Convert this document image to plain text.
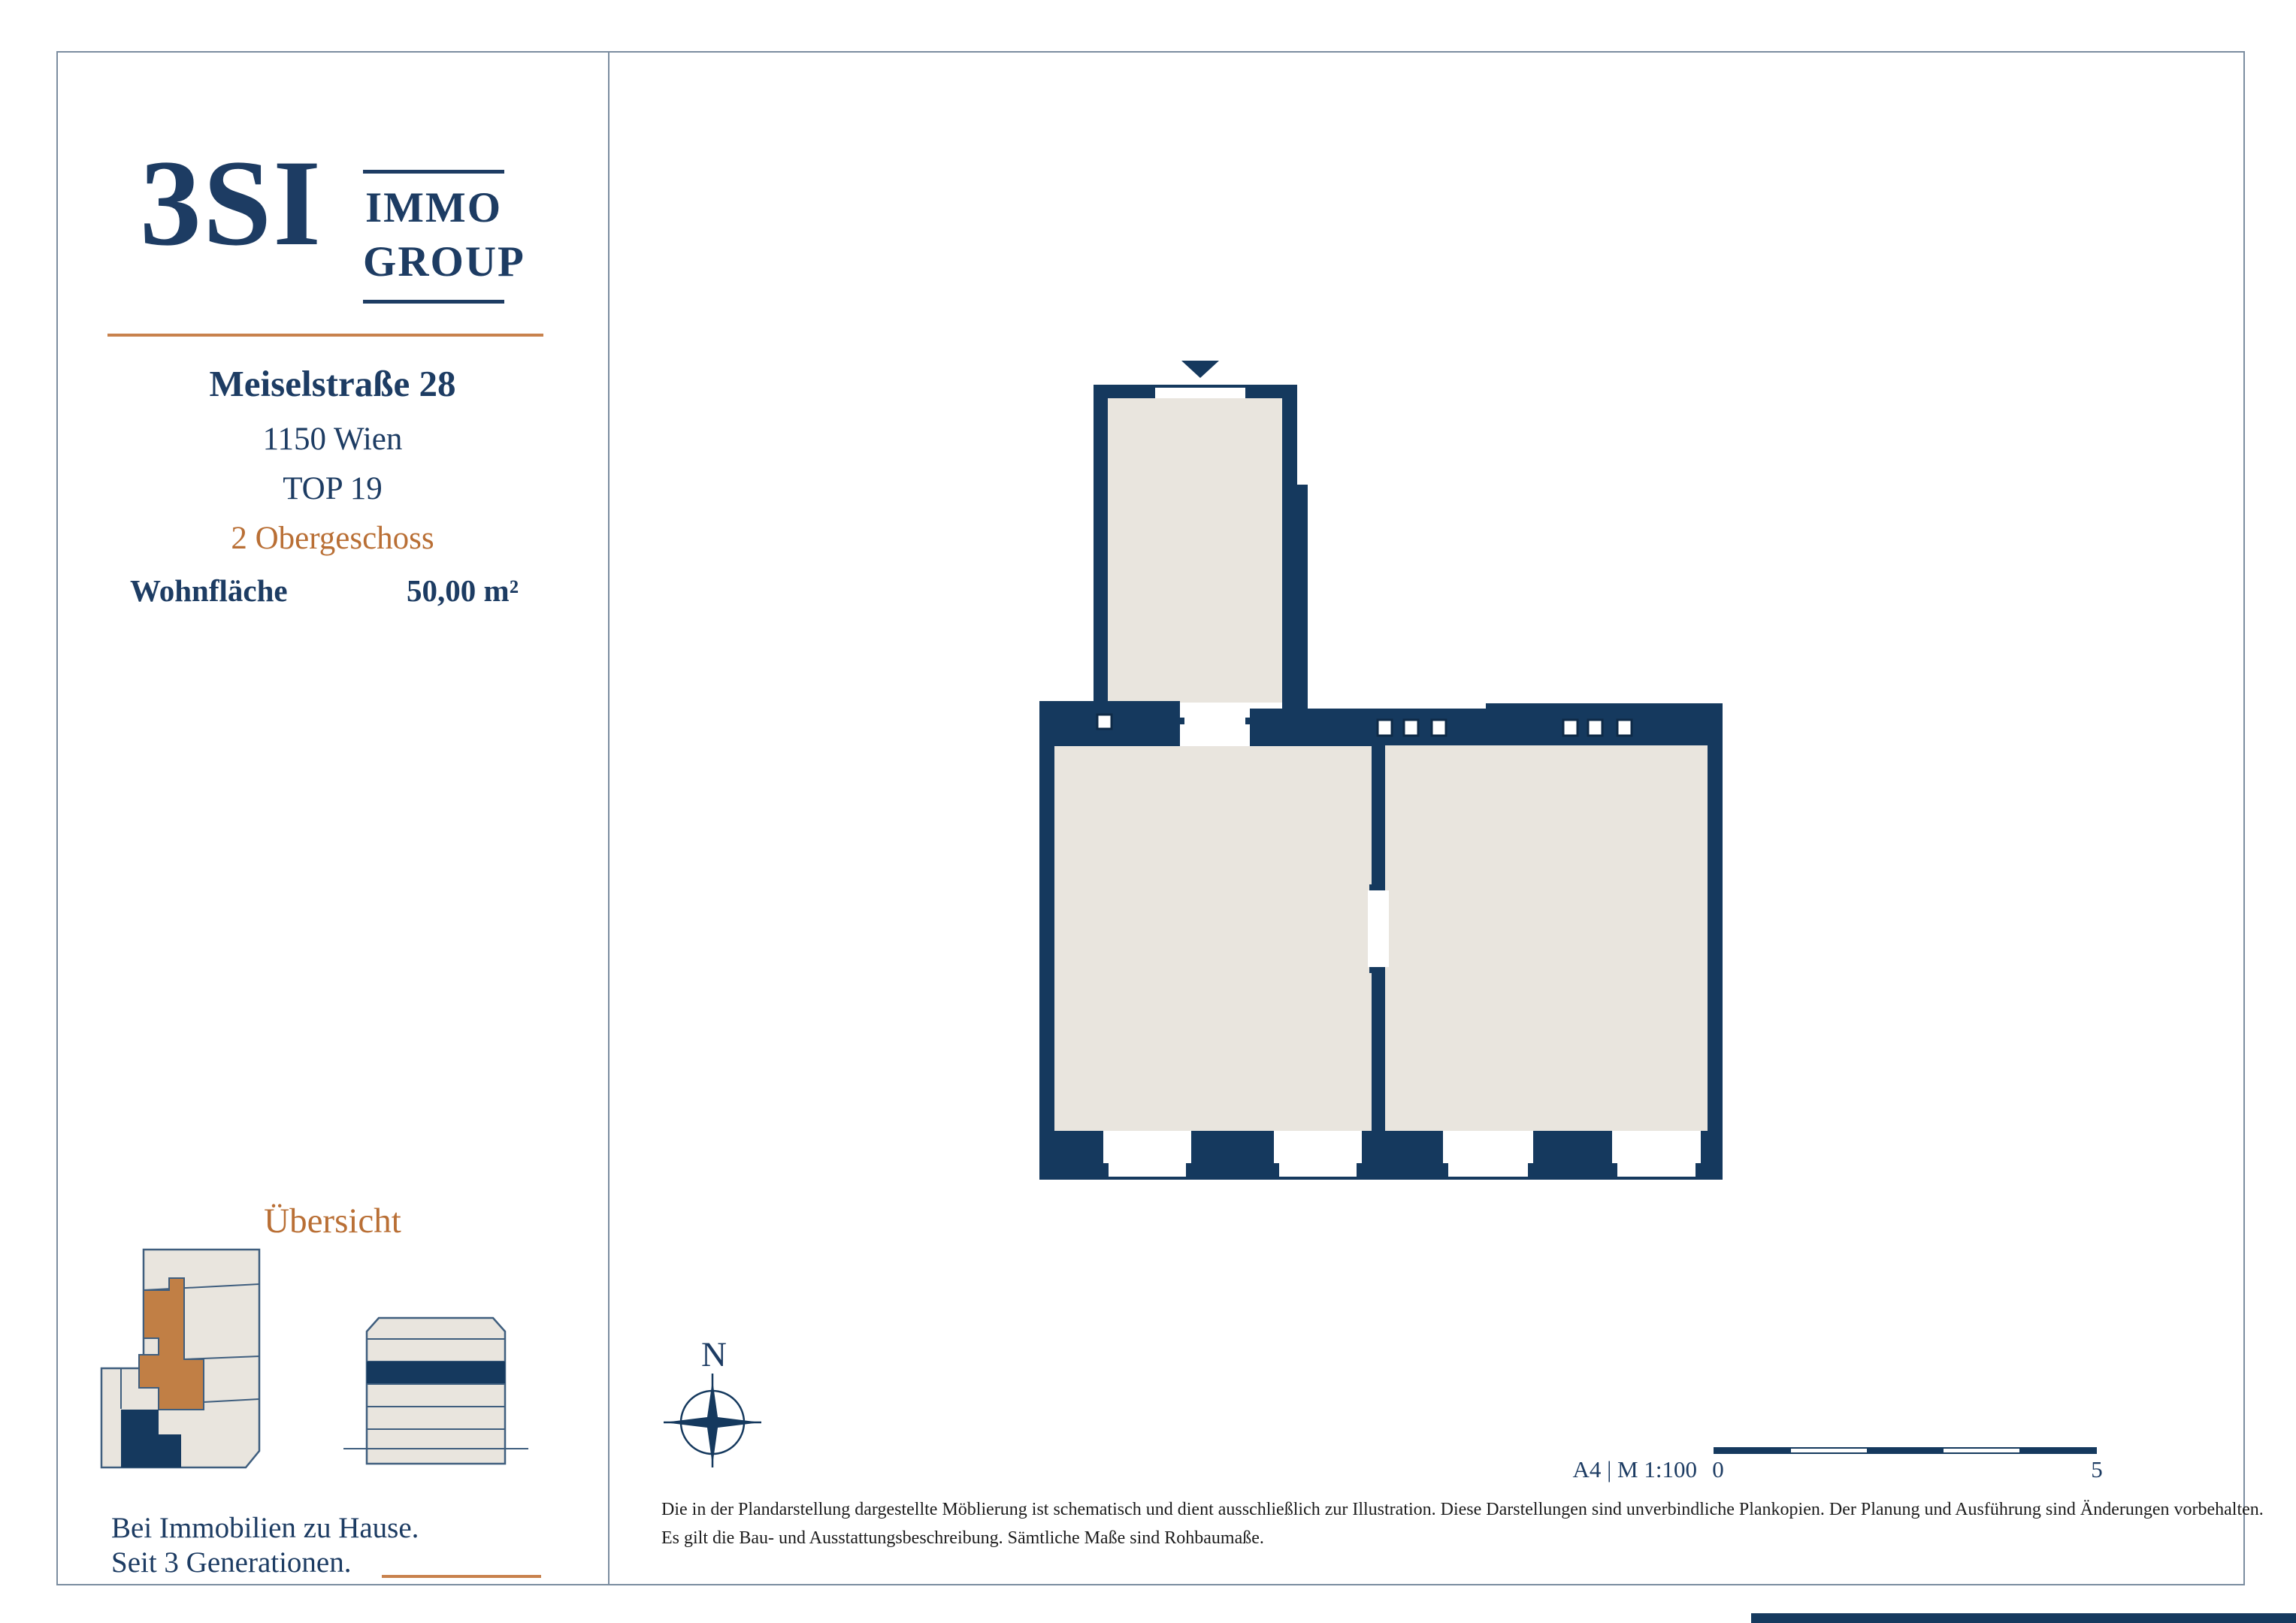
3SI IMMO
GROUP
Meiselstraße 28
1150 Wien
TOP 19
2 Obergeschoss
Wohnfläche	50,00 m²
Übersicht
Bei Immobilien zu Hause.
Seit 3 Generationen.
N
A4 | M 1:100 0	5
Die in der Plandarstellung dargestellte Möblierung ist schematisch und dient ausschließlich zur Illustration. Diese Darstellungen sind unverbindliche Plankopien. Der Planung und Ausführung sind Änderungen vorbehalten.
Es gilt die Bau- und Ausstattungsbeschreibung. Sämtliche Maße sind Rohbaumaße.
